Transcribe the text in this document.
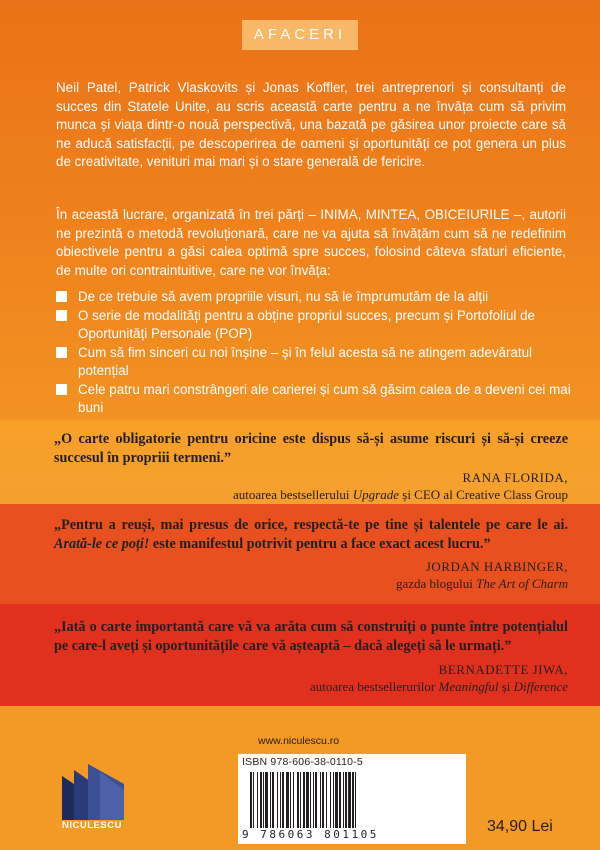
AFACERI

Neil Patel, Patrick Vlaskovits și Jonas Koffler, trei antreprenori și consultanți de succes din Statele Unite, au scris această carte pentru a ne învăța cum să privim munca și viața dintr-o nouă perspectivă, una bazată pe găsirea unor proiecte care să ne aducă satisfacții, pe descoperirea de oameni și oportunități ce pot genera un plus de creativitate, venituri mai mari și o stare generală de fericire.

În această lucrare, organizată în trei părți – INIMA, MINTEA, OBICEIURILE –, autorii ne prezintă o metodă revoluționară, care ne va ajuta să învățăm cum să ne redefinim obiectivele pentru a găsi calea optimă spre succes, folosind câteva sfaturi eficiente, de multe ori contraintuitive, care ne vor învăța:

De ce trebuie să avem propriile visuri, nu să le împrumutăm de la alții
O serie de modalități pentru a obține propriul succes, precum și Portofoliul de Oportunități Personale (POP)
Cum să fim sinceri cu noi înșine – și în felul acesta să ne atingem adevăratul potențial
Cele patru mari constrângeri ale carierei și cum să găsim calea de a deveni cei mai buni

„O carte obligatorie pentru oricine este dispus să-și asume riscuri și să-și creeze succesul în propriii termeni.”

RANA FLORIDA,
autoarea bestsellerului Upgrade și CEO al Creative Class Group

„Pentru a reuși, mai presus de orice, respectă-te pe tine și talentele pe care le ai. Arată-le ce poți! este manifestul potrivit pentru a face exact acest lucru.”

JORDAN HARBINGER,
gazda blogului The Art of Charm

„Iată o carte importantă care vă va arăta cum să construiți o punte între potențialul pe care-l aveți și oportunitățile care vă așteaptă – dacă alegeți să le urmați.”

BERNADETTE JIWA,
autoarea bestsellerurilor Meaningful și Difference

NICULESCU
www.niculescu.ro
ISBN 978-606-38-0110-5
9 786063 801105	34,90 Lei
